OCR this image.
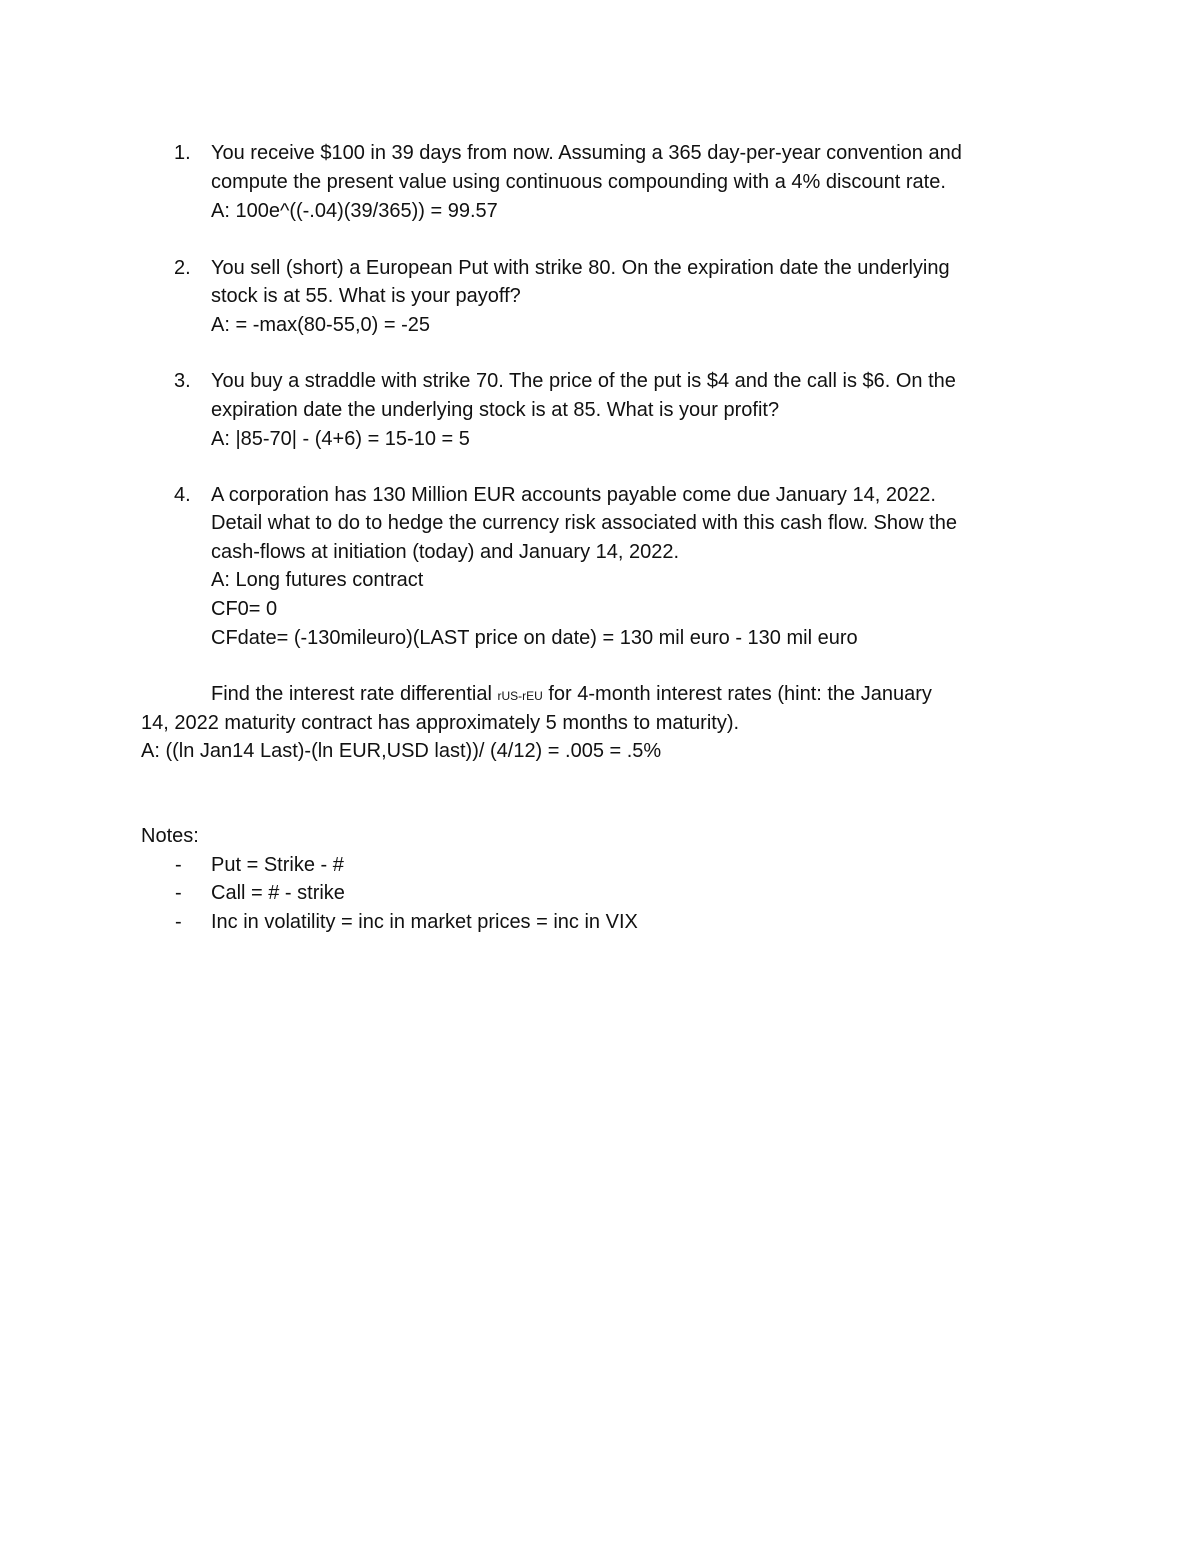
1. You receive $100 in 39 days from now. Assuming a 365 day-per-year convention and
compute the present value using continuous compounding with a 4% discount rate.
A: 100e^((-.04)(39/365)) = 99.57
2. You sell (short) a European Put with strike 80. On the expiration date the underlying
stock is at 55. What is your payoff?
A: = -max(80-55,0) = -25
3. You buy a straddle with strike 70. The price of the put is $4 and the call is $6. On the
expiration date the underlying stock is at 85. What is your profit?
A: |85-70| - (4+6) = 15-10 = 5
4. A corporation has 130 Million EUR accounts payable come due January 14, 2022.
Detail what to do to hedge the currency risk associated with this cash flow. Show the
cash-flows at initiation (today) and January 14, 2022.
A: Long futures contract
CF0= 0
CFdate= (-130mileuro)(LAST price on date) = 130 mil euro - 130 mil euro
Find the interest rate differential rUS-rEU for 4-month interest rates (hint: the January
14, 2022 maturity contract has approximately 5 months to maturity).
A: ((ln Jan14 Last)-(ln EUR,USD last))/ (4/12) = .005 = .5%
Notes:
- Put = Strike - #
- Call = # - strike
- Inc in volatility = inc in market prices = inc in VIX
